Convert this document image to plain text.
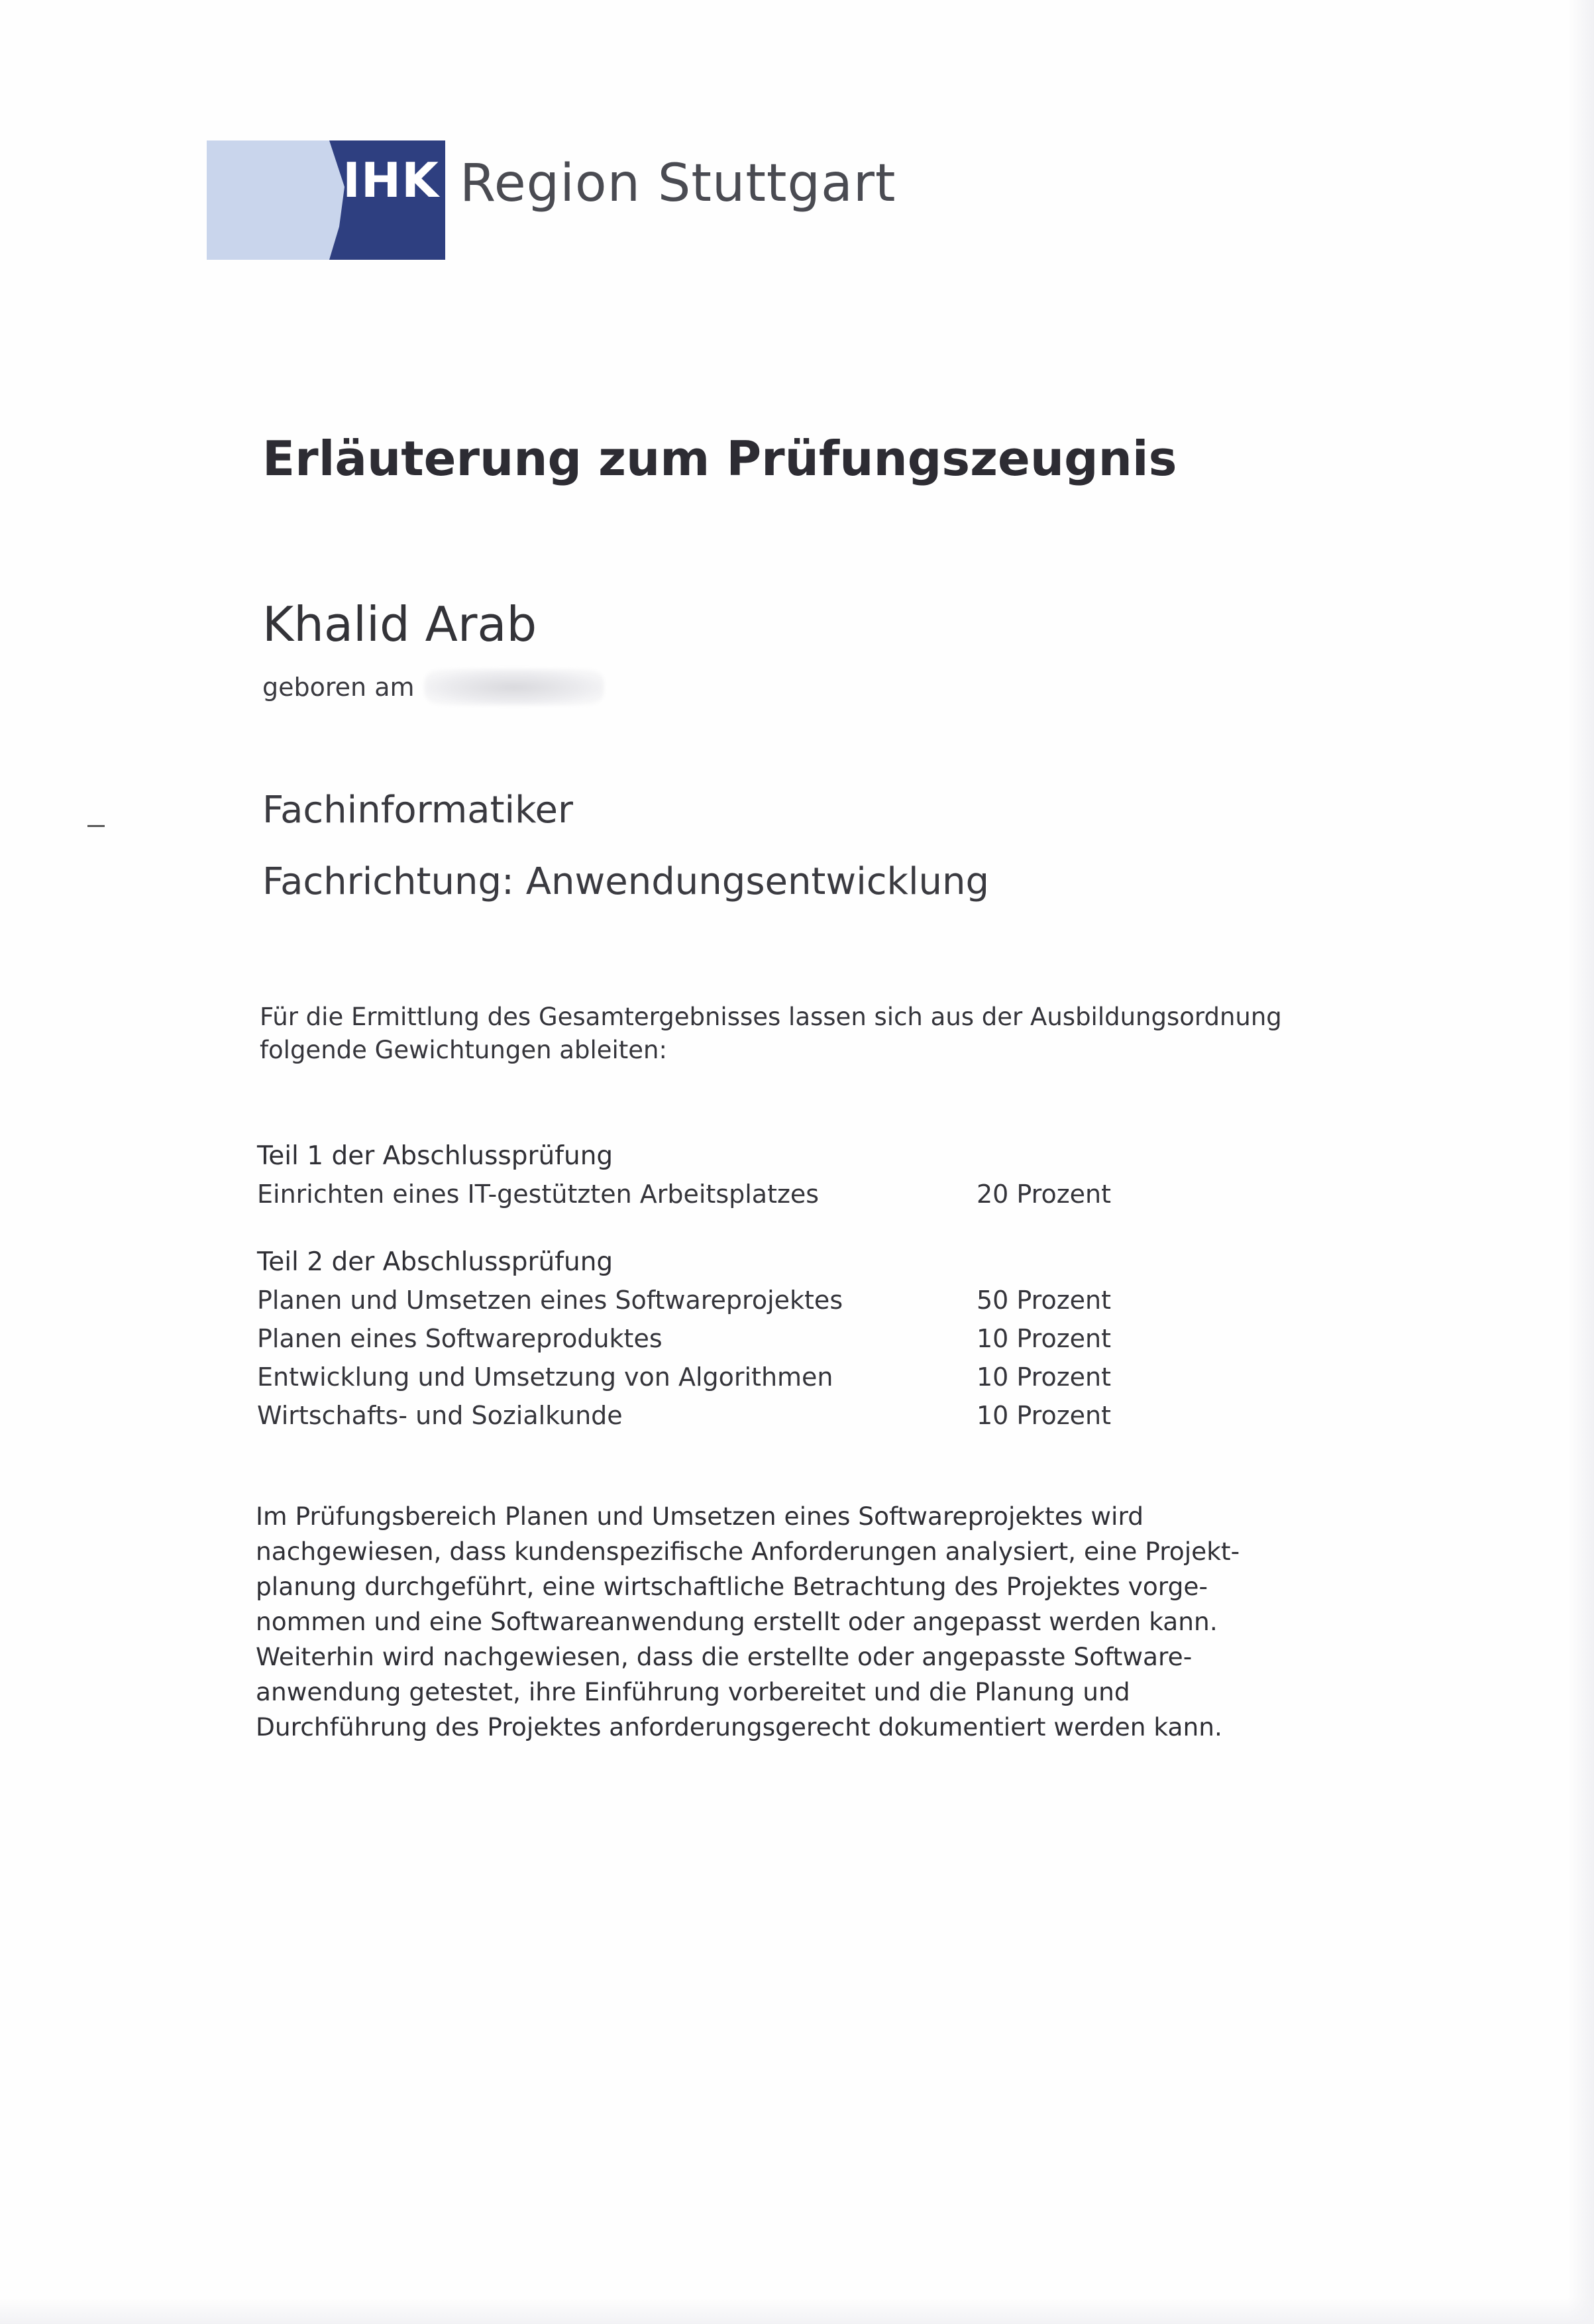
IHK Region Stuttgart
Erläuterung zum Prüfungszeugnis
Khalid Arab
geboren am
Fachinformatiker
Fachrichtung: Anwendungsentwicklung
Für die Ermittlung des Gesamtergebnisses lassen sich aus der Ausbildungsordnung
folgende Gewichtungen ableiten:
Teil 1 der Abschlussprüfung
Einrichten eines IT-gestützten Arbeitsplatzes	20 Prozent
Teil 2 der Abschlussprüfung
Planen und Umsetzen eines Softwareprojektes	50 Prozent
Planen eines Softwareproduktes	10 Prozent
Entwicklung und Umsetzung von Algorithmen	10 Prozent
Wirtschafts- und Sozialkunde	10 Prozent
Im Prüfungsbereich Planen und Umsetzen eines Softwareprojektes wird
nachgewiesen, dass kundenspezifische Anforderungen analysiert, eine Projekt-
planung durchgeführt, eine wirtschaftliche Betrachtung des Projektes vorge-
nommen und eine Softwareanwendung erstellt oder angepasst werden kann.
Weiterhin wird nachgewiesen, dass die erstellte oder angepasste Software-
anwendung getestet, ihre Einführung vorbereitet und die Planung und
Durchführung des Projektes anforderungsgerecht dokumentiert werden kann.
